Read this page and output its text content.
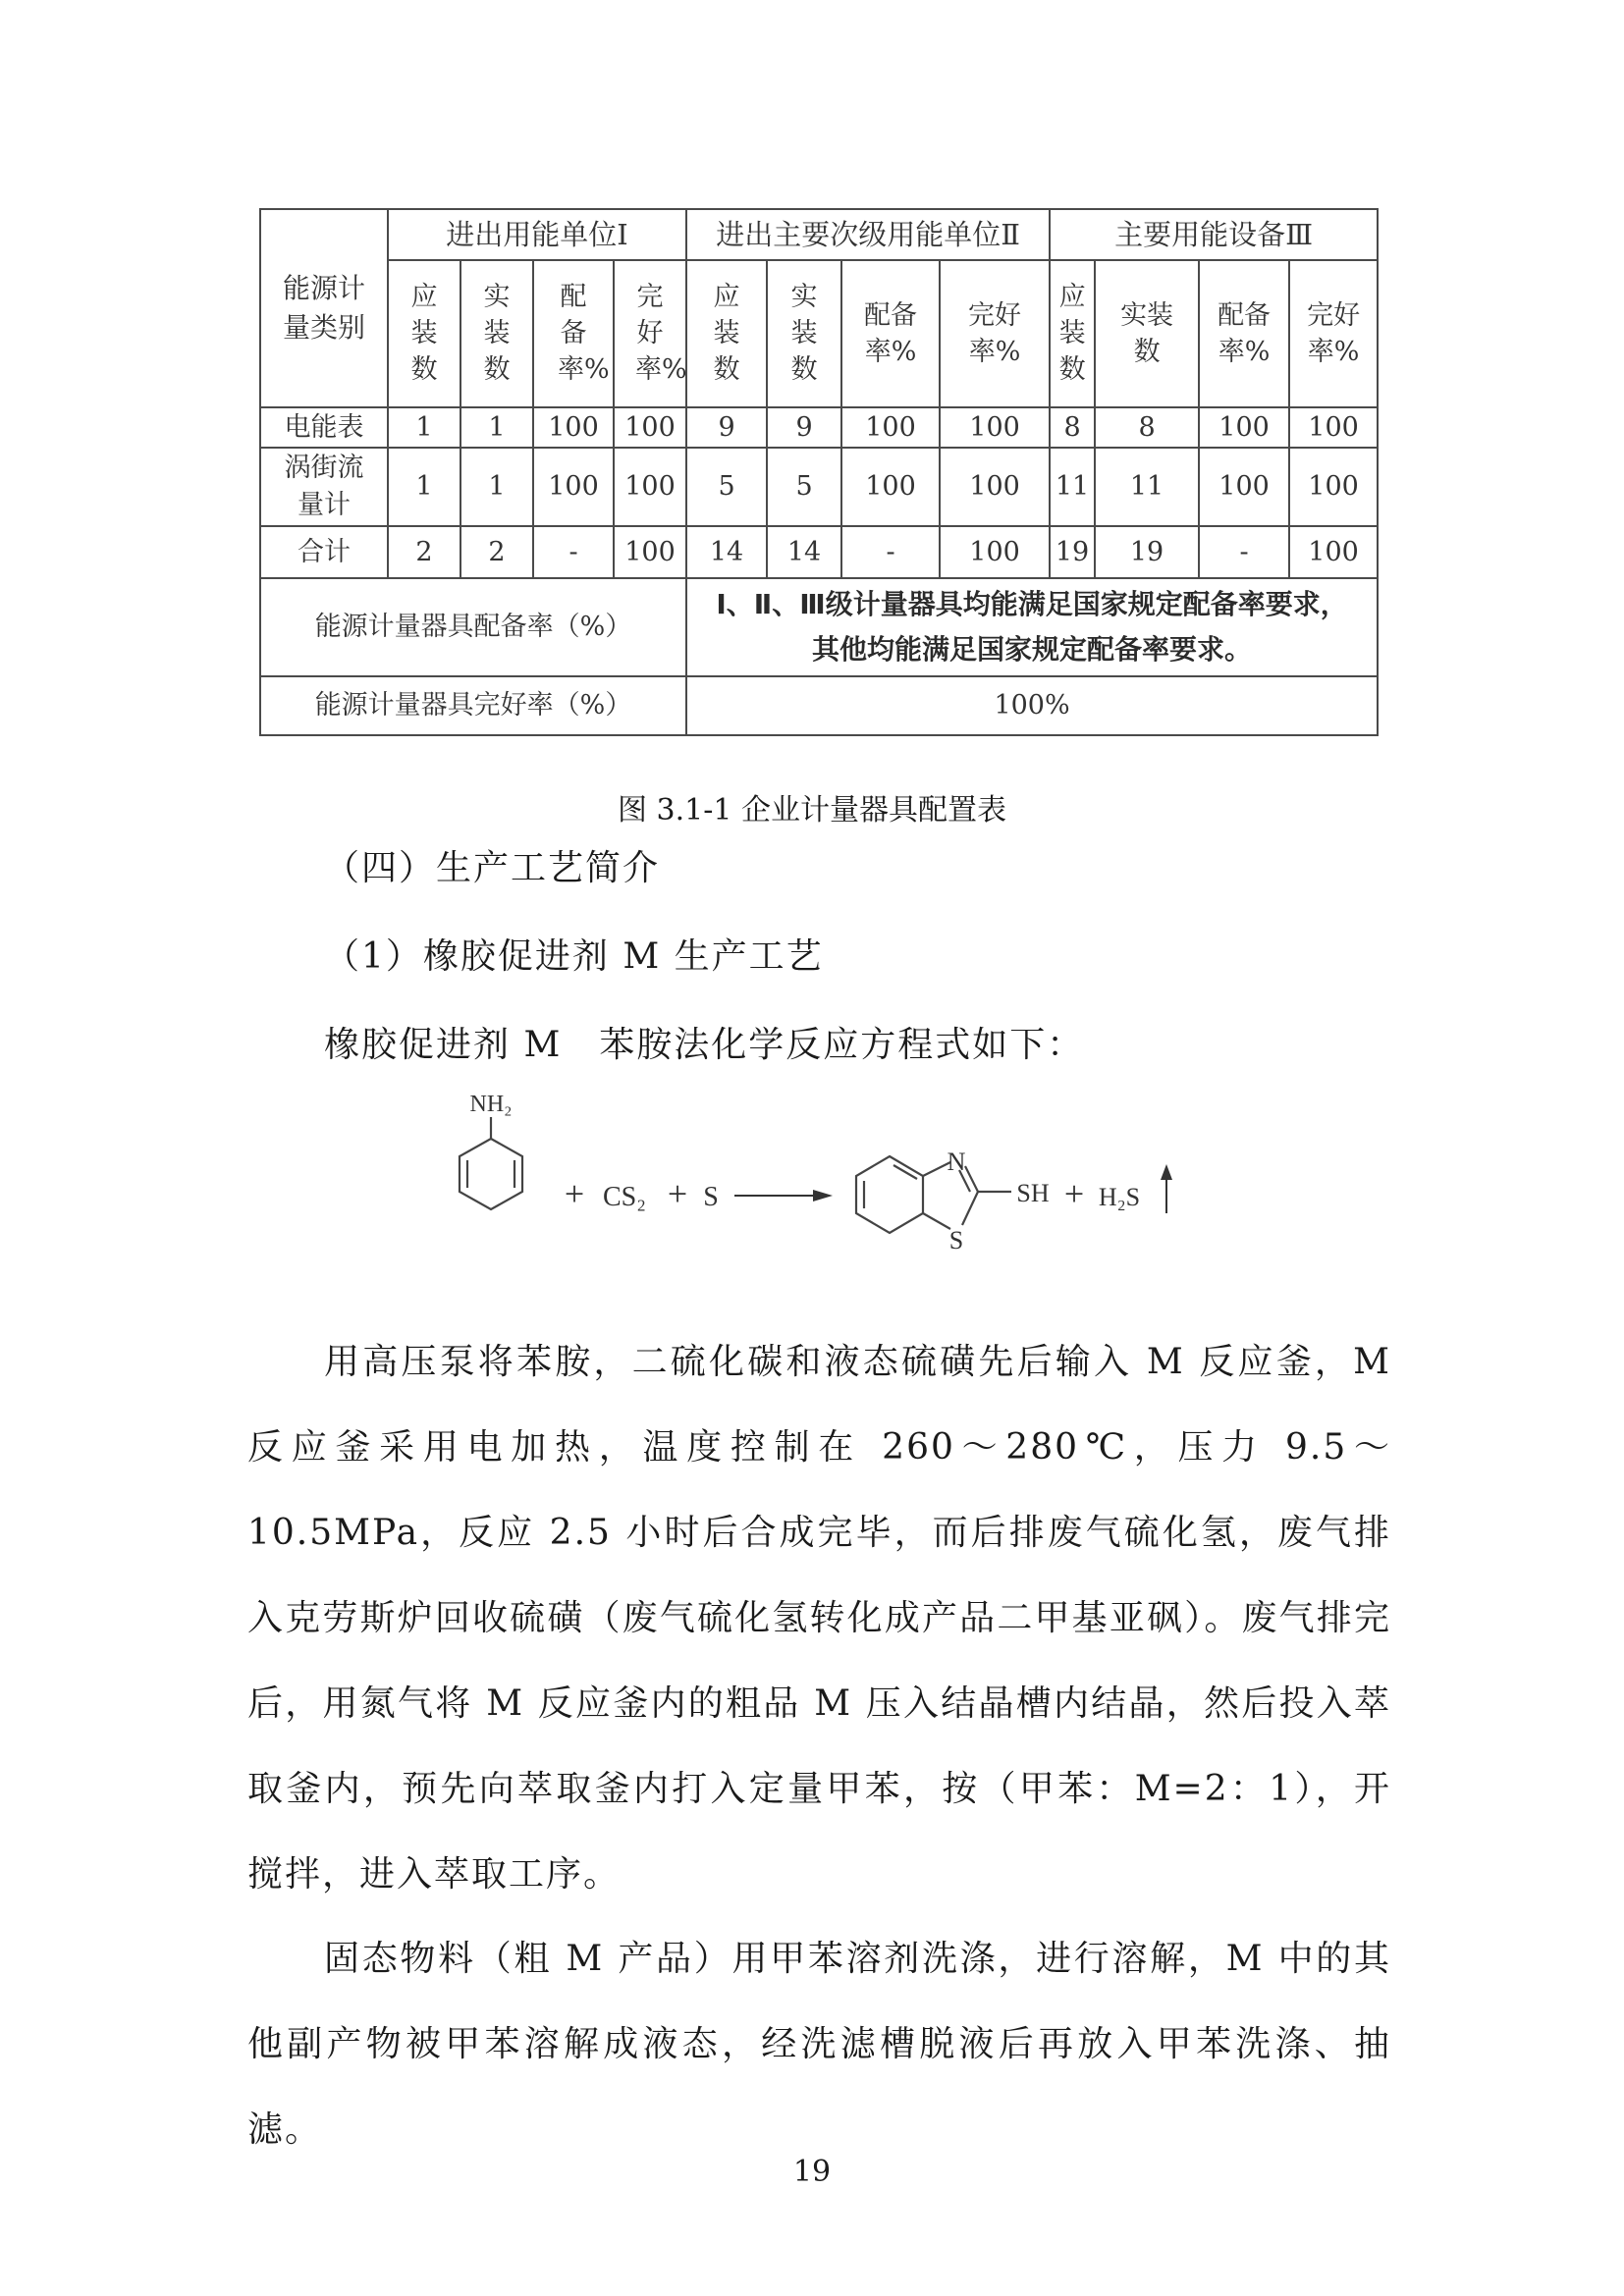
能源计量类别	进出用能单位Ⅰ				进出主要次级用能单位Ⅱ				主要用能设备Ⅲ			
	应装数	实装数	配备率%	完好率%	应装数	实装数	配备率%	完好率%	应装数	实装数	配备率%	完好率%
电能表	1	1	100	100	9	9	100	100	8	8	100	100
涡街流量计	1	1	100	100	5	5	100	100	11	11	100	100
合计	2	2	-	100	14	14	-	100	19	19	-	100
能源计量器具配备率（%）					Ⅰ、Ⅱ、Ⅲ级计量器具均能满足国家规定配备率要求，
其他均能满足国家规定配备率要求。							

能源计量器具完好率（%）					100%							
图 3.1-1 企业计量器具配置表
（四）生产工艺简介
（1）橡胶促进剂 M 生产工艺
橡胶促进剂 M　苯胺法化学反应方程式如下：
NH₂
+ CS₂ + S
N
S
SH + H₂S

用高压泵将苯胺，二硫化碳和液态硫磺先后输入 M 反应釜，M 反应釜采用电加热，温度控制在 260～280℃，压力 9.5～10.5MPa，反应 2.5 小时后合成完毕，而后排废气硫化氢，废气排入克劳斯炉回收硫磺（废气硫化氢转化成产品二甲基亚砜）。废气排完后，用氮气将 M 反应釜内的粗品 M 压入结晶槽内结晶，然后投入萃取釜内，预先向萃取釜内打入定量甲苯，按（甲苯：M=2：1），开搅拌，进入萃取工序。

固态物料（粗 M 产品）用甲苯溶剂洗涤，进行溶解，M 中的其他副产物被甲苯溶解成液态，经洗滤槽脱液后再放入甲苯洗涤、抽滤。

19
